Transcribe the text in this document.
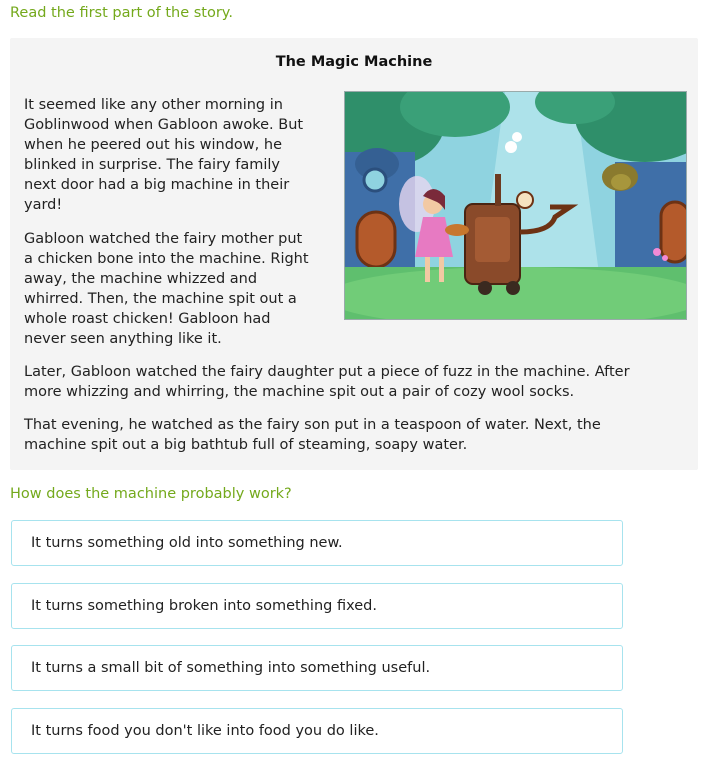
Read the first part of the story.
The Magic Machine

It seemed like any other morning in Goblinwood when Gabloon awoke. But when he peered out his window, he blinked in surprise. The fairy family next door had a big machine in their yard!

Gabloon watched the fairy mother put a chicken bone into the machine. Right away, the machine whizzed and whirred. Then, the machine spit out a whole roast chicken! Gabloon had never seen anything like it.

Later, Gabloon watched the fairy daughter put a piece of fuzz in the machine. After more whizzing and whirring, the machine spit out a pair of cozy wool socks.

That evening, he watched as the fairy son put in a teaspoon of water. Next, the machine spit out a big bathtub full of steaming, soapy water.

How does the machine probably work?
It turns something old into something new.
It turns something broken into something fixed.
It turns a small bit of something into something useful.
It turns food you don't like into food you do like.
